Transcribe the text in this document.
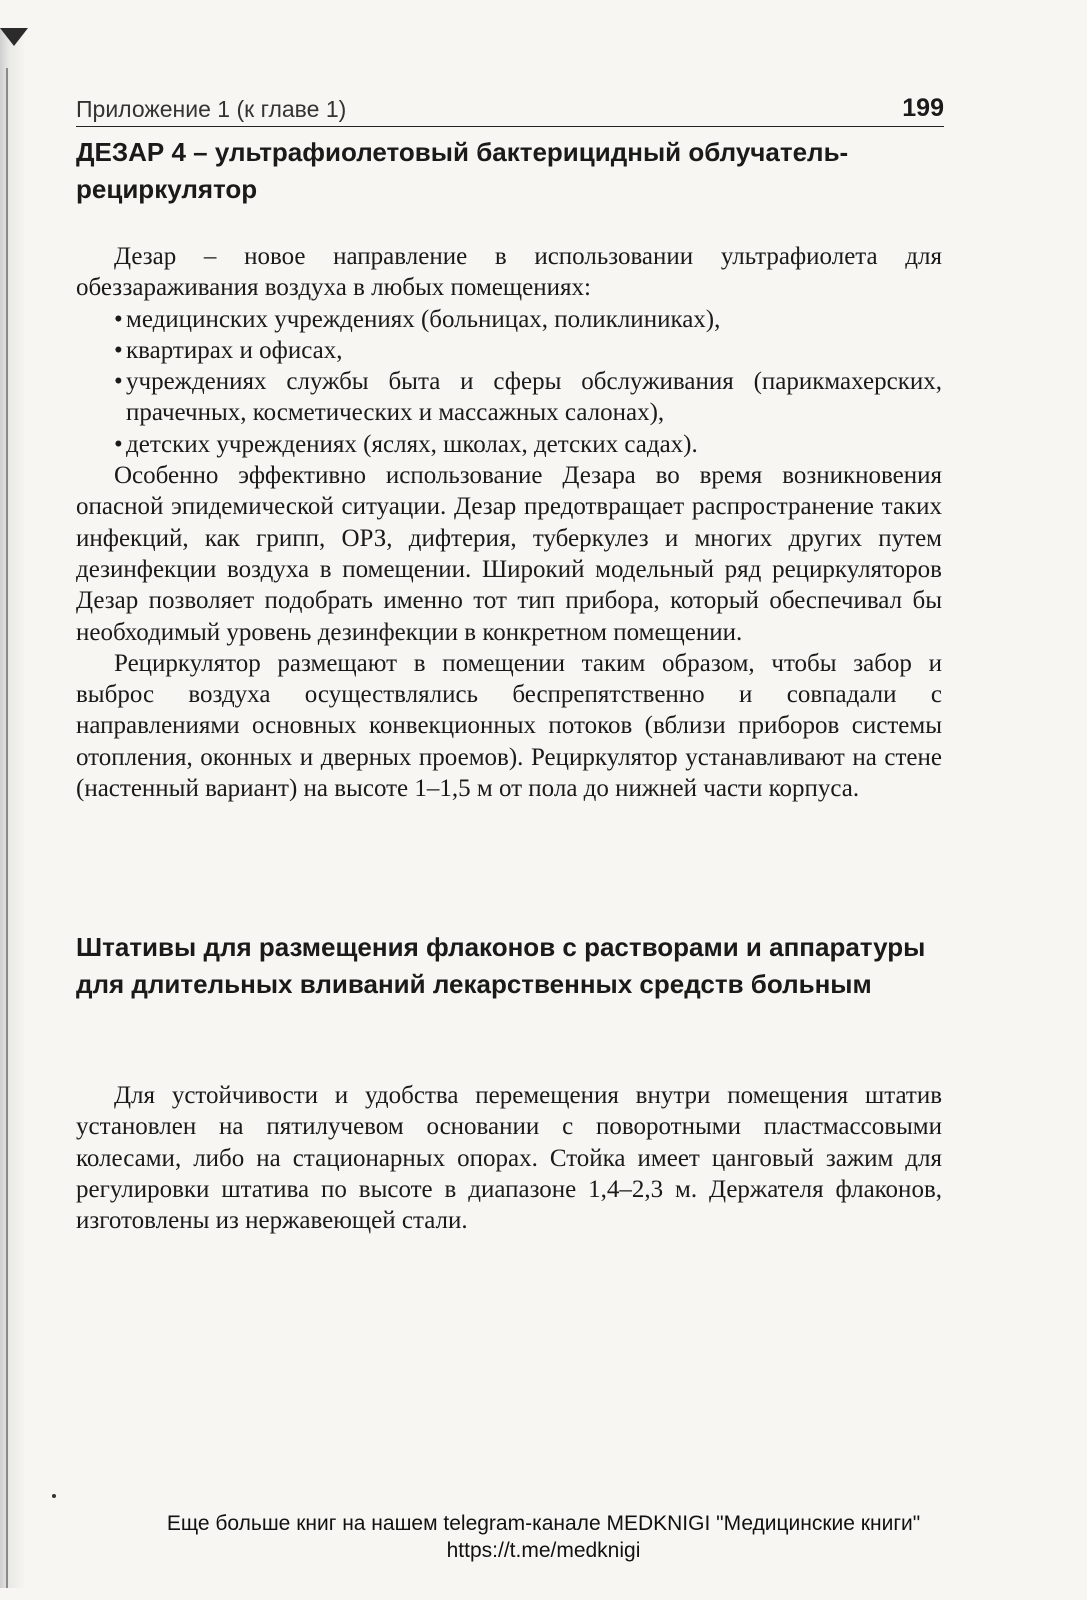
Приложение 1 (к главе 1)	199
ДЕЗАР 4 – ультрафиолетовый бактерицидный облучатель-рециркулятор

Дезар – новое направление в использовании ультрафиолета для обеззараживания воздуха в любых помещениях:

• медицинских учреждениях (больницах, поликлиниках),
• квартирах и офисах,
• учреждениях службы быта и сферы обслуживания (парикмахерских, прачечных, косметических и массажных салонах),
• детских учреждениях (яслях, школах, детских садах).

Особенно эффективно использование Дезара во время возникновения опасной эпидемической ситуации. Дезар предотвращает распространение таких инфекций, как грипп, ОРЗ, дифтерия, туберкулез и многих других путем дезинфекции воздуха в помещении. Широкий модельный ряд рециркуляторов Дезар позволяет подобрать именно тот тип прибора, который обеспечивал бы необходимый уровень дезинфекции в конкретном помещении.

Рециркулятор размещают в помещении таким образом, чтобы забор и выброс воздуха осуществлялись беспрепятственно и совпадали с направлениями основных конвекционных потоков (вблизи приборов системы отопления, оконных и дверных проемов). Рециркулятор устанавливают на стене (настенный вариант) на высоте 1–1,5 м от пола до нижней части корпуса.

Штативы для размещения флаконов с растворами и аппаратуры для длительных вливаний лекарственных средств больным

Для устойчивости и удобства перемещения внутри помещения штатив установлен на пятилучевом основании с поворотными пластмассовыми колесами, либо на стационарных опорах. Стойка имеет цанговый зажим для регулировки штатива по высоте в диапазоне 1,4–2,3 м. Держателя флаконов, изготовлены из нержавеющей стали.

Еще больше книг на нашем telegram-канале MEDKNIGI "Медицинские книги"
https://t.me/medknigi
